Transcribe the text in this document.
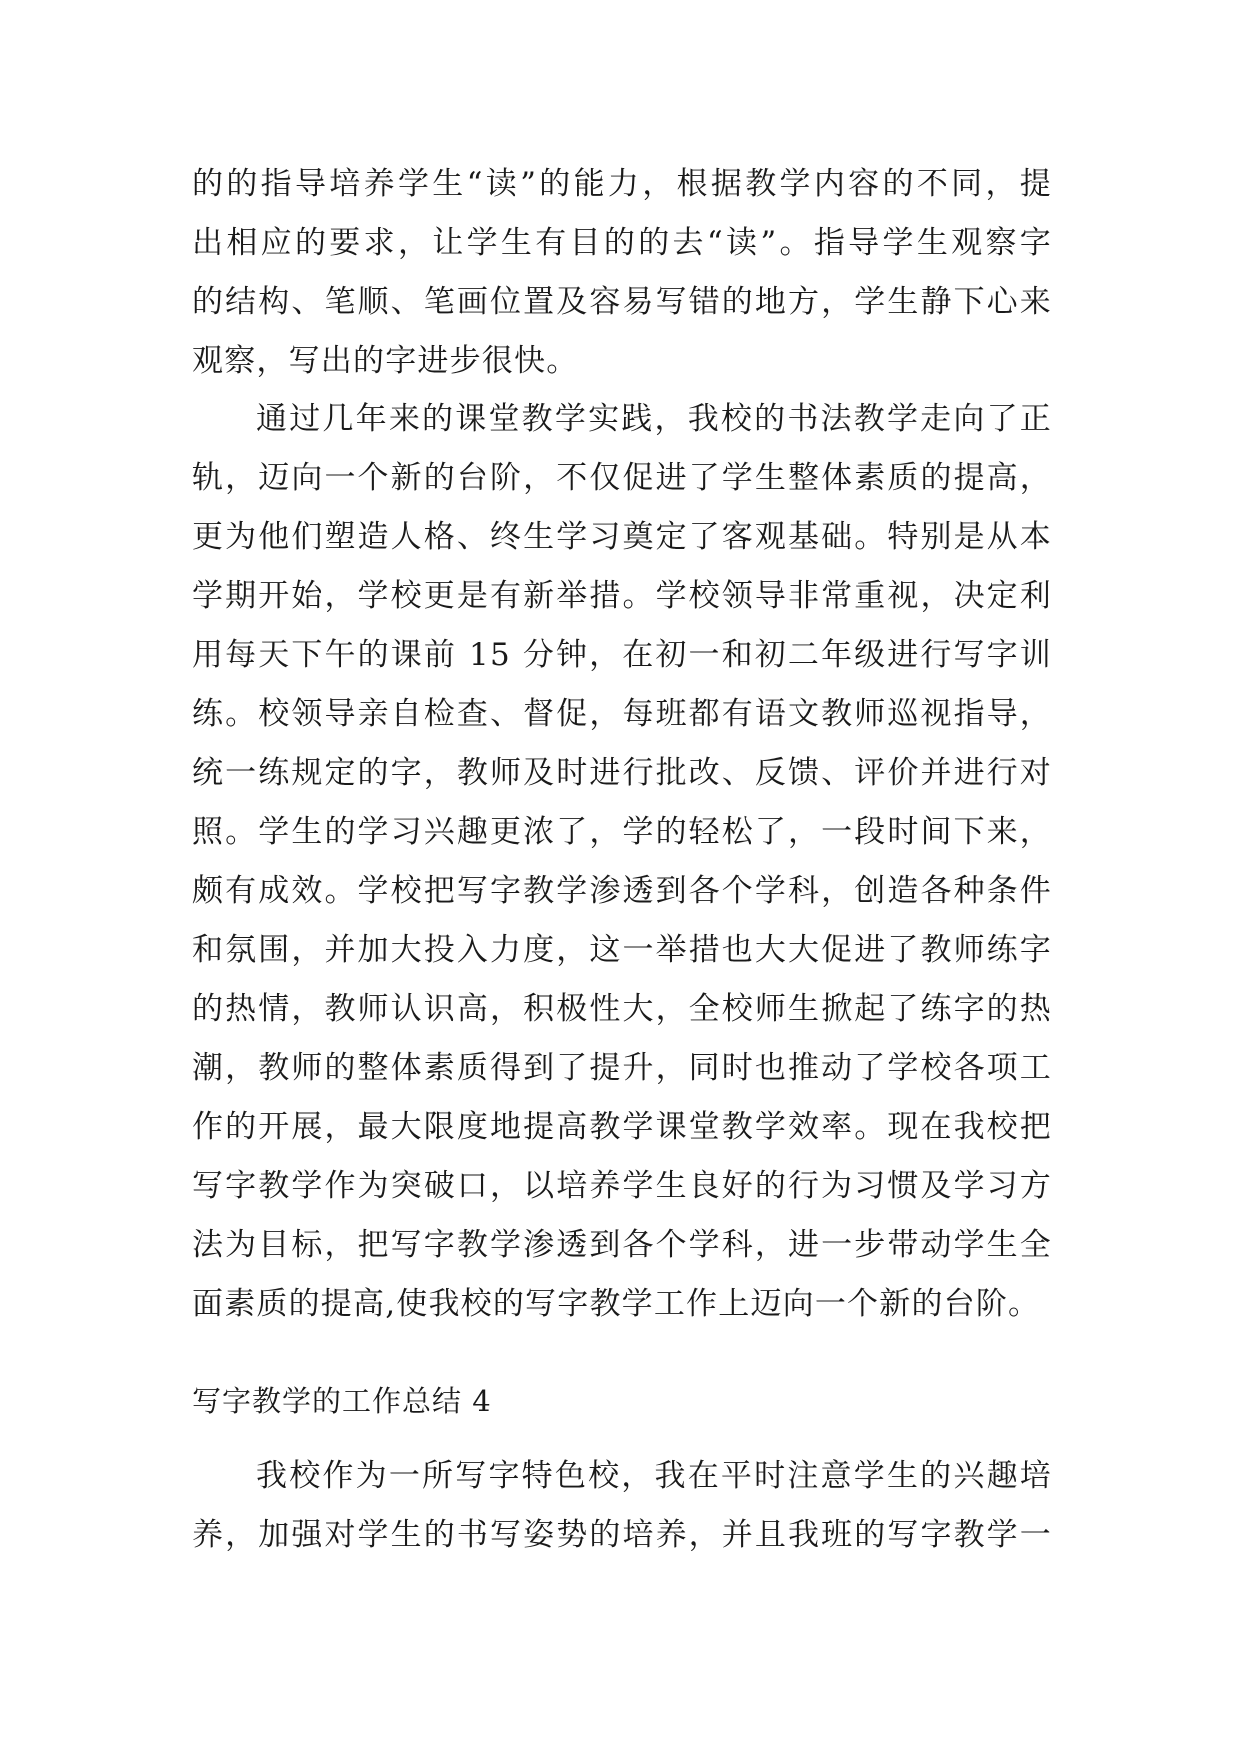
的的指导培养学生“读”的能力，根据教学内容的不同，提
出相应的要求，让学生有目的的去“读”。指导学生观察字
的结构、笔顺、笔画位置及容易写错的地方，学生静下心来
观察，写出的字进步很快。
通过几年来的课堂教学实践，我校的书法教学走向了正
轨，迈向一个新的台阶，不仅促进了学生整体素质的提高，
更为他们塑造人格、终生学习奠定了客观基础。特别是从本
学期开始，学校更是有新举措。学校领导非常重视，决定利
用每天下午的课前 15 分钟，在初一和初二年级进行写字训
练。校领导亲自检查、督促，每班都有语文教师巡视指导，
统一练规定的字，教师及时进行批改、反馈、评价并进行对
照。学生的学习兴趣更浓了，学的轻松了，一段时间下来，
颇有成效。学校把写字教学渗透到各个学科，创造各种条件
和氛围，并加大投入力度，这一举措也大大促进了教师练字
的热情，教师认识高，积极性大，全校师生掀起了练字的热
潮，教师的整体素质得到了提升，同时也推动了学校各项工
作的开展，最大限度地提高教学课堂教学效率。现在我校把
写字教学作为突破口，以培养学生良好的行为习惯及学习方
法为目标，把写字教学渗透到各个学科，进一步带动学生全
面素质的提高,使我校的写字教学工作上迈向一个新的台阶。
写字教学的工作总结 4
我校作为一所写字特色校，我在平时注意学生的兴趣培
养，加强对学生的书写姿势的培养，并且我班的写字教学一
